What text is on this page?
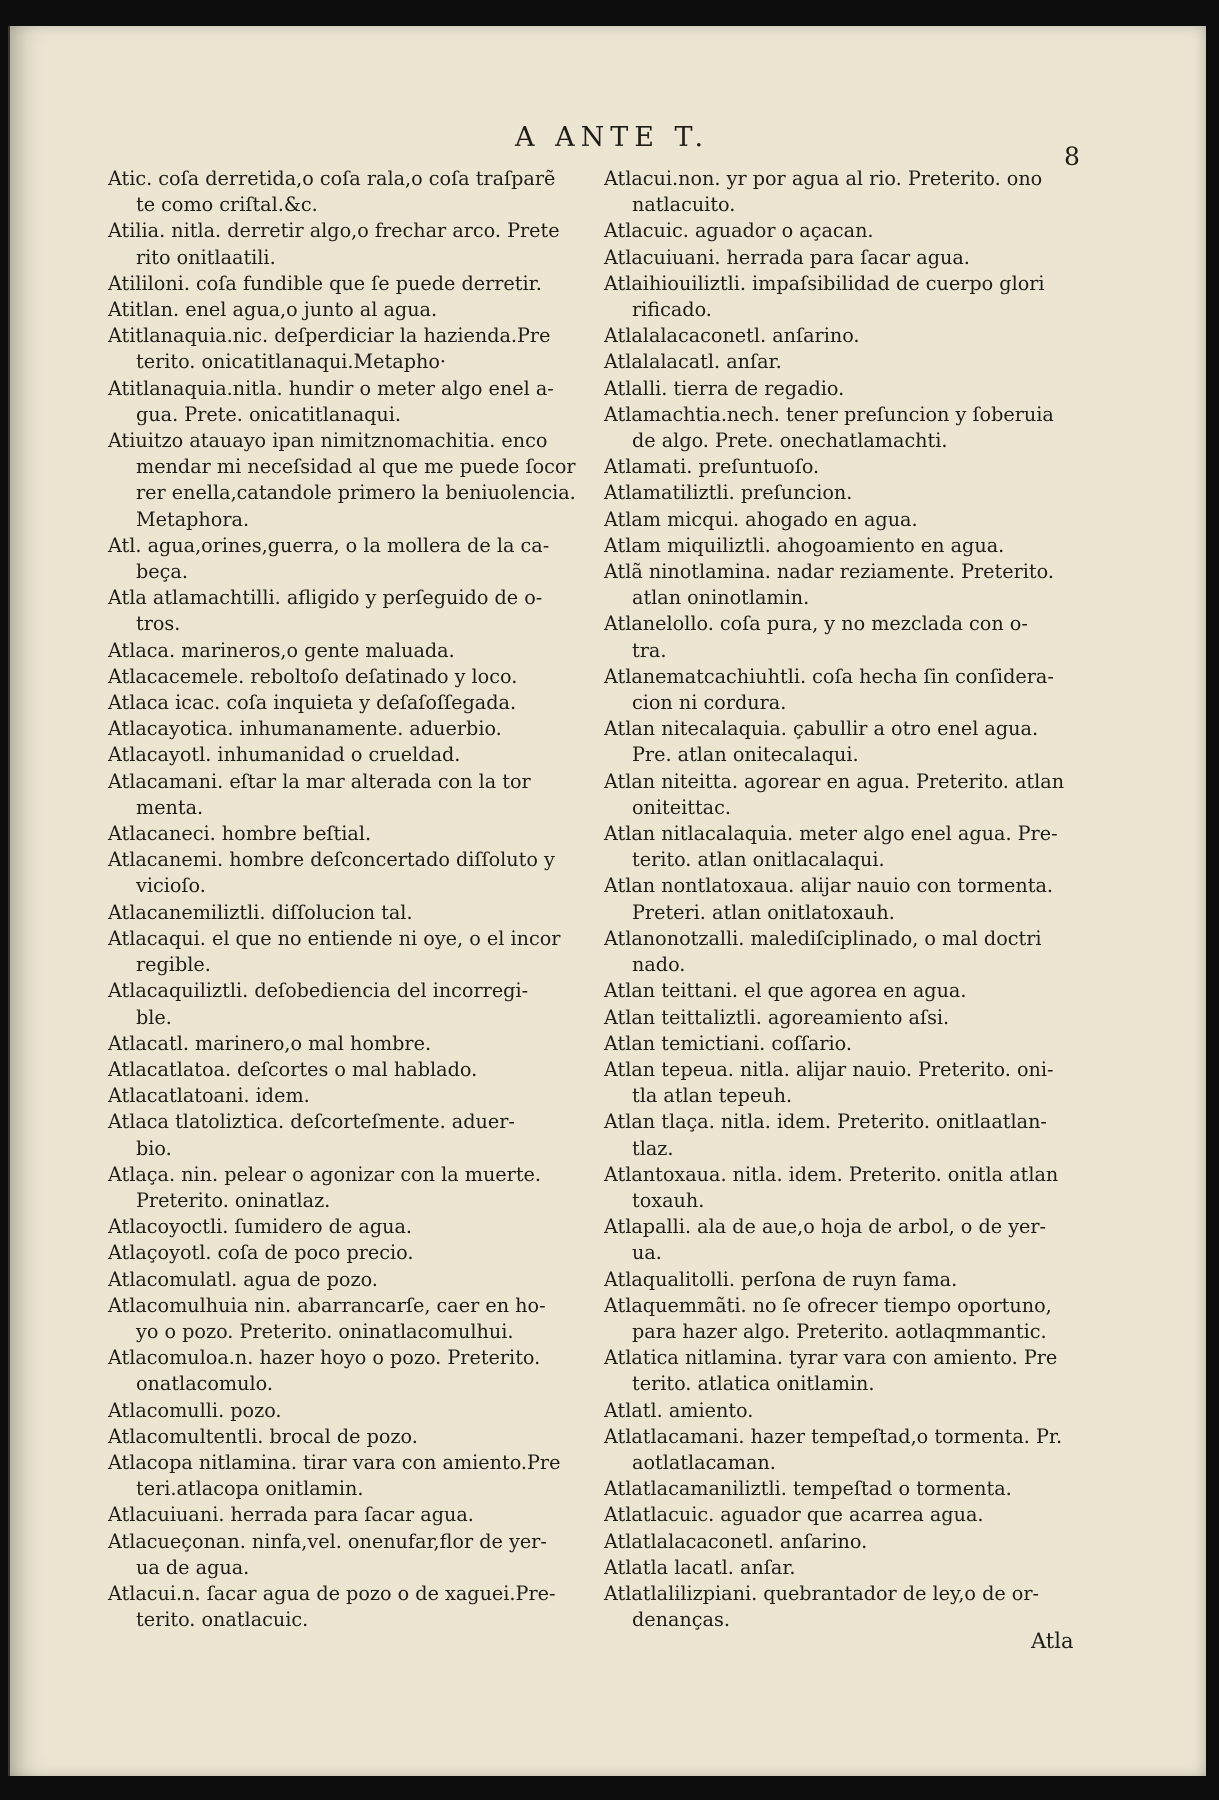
A ANTE T.
8

Atic. coſa derretida,o coſa rala,o coſa traſparẽ
te como criſtal.&c.

Atilia. nitla. derretir algo,o frechar arco. Prete
rito onitlaatili.

Atililoni. coſa fundible que ſe puede derretir.

Atitlan. enel agua,o junto al agua.

Atitlanaquia.nic. deſperdiciar la hazienda.Pre
terito. onicatitlanaqui.Metapho·

Atitlanaquia.nitla. hundir o meter algo enel a-
gua. Prete. onicatitlanaqui.

Atiuitzo atauayo ipan nimitznomachitia. enco
mendar mi neceſsidad al que me puede ſocor

rer enella,catandole primero la beniuolencia.

Metaphora.

Atl. agua,orines,guerra, o la mollera de la ca-
beça.

Atla atlamachtilli. afligido y perſeguido de o-
tros.

Atlaca. marineros,o gente maluada.

Atlacacemele. reboltoſo deſatinado y loco.

Atlaca icac. coſa inquieta y deſaſoſſegada.

Atlacayotica. inhumanamente. aduerbio.

Atlacayotl. inhumanidad o crueldad.

Atlacamani. eſtar la mar alterada con la tor
menta.

Atlacaneci. hombre beſtial.

Atlacanemi. hombre deſconcertado diſſoluto y
vicioſo.

Atlacanemiliztli. diſſolucion tal.

Atlacaqui. el que no entiende ni oye, o el incor
regible.

Atlacaquiliztli. deſobediencia del incorregi-
ble.

Atlacatl. marinero,o mal hombre.

Atlacatlatoa. deſcortes o mal hablado.

Atlacatlatoani. idem.

Atlaca tlatoliztica. deſcorteſmente. aduer-
bio.

Atlaça. nin. pelear o agonizar con la muerte.
Preterito. oninatlaz.

Atlacoyoctli. ſumidero de agua.

Atlaçoyotl. coſa de poco precio.

Atlacomulatl. agua de pozo.

Atlacomulhuia nin. abarrancarſe, caer en ho-
yo o pozo. Preterito. oninatlacomulhui.

Atlacomuloa.n. hazer hoyo o pozo. Preterito.
onatlacomulo.

Atlacomulli. pozo.

Atlacomultentli. brocal de pozo.

Atlacopa nitlamina. tirar vara con amiento.Pre
teri.atlacopa onitlamin.

Atlacuiuani. herrada para ſacar agua.

Atlacueçonan. ninfa,vel. onenufar,flor de yer-
ua de agua.

Atlacui.n. ſacar agua de pozo o de xaguei.Pre-
terito. onatlacuic.

Atlacui.non. yr por agua al rio. Preterito. ono
natlacuito.

Atlacuic. aguador o açacan.

Atlacuiuani. herrada para ſacar agua.

Atlaihiouiliztli. impaſsibilidad de cuerpo glori
rificado.

Atlalalacaconetl. anſarino.

Atlalalacatl. anſar.

Atlalli. tierra de regadio.

Atlamachtia.nech. tener preſuncion y ſoberuia
de algo. Prete. onechatlamachti.

Atlamati. preſuntuoſo.

Atlamatiliztli. preſuncion.

Atlam micqui. ahogado en agua.

Atlam miquiliztli. ahogoamiento en agua.

Atlã ninotlamina. nadar reziamente. Preterito.
atlan oninotlamin.

Atlanelollo. coſa pura, y no mezclada con o-
tra.

Atlanematcachiuhtli. coſa hecha ſin conſidera-
cion ni cordura.

Atlan nitecalaquia. çabullir a otro enel agua.
Pre. atlan onitecalaqui.

Atlan niteitta. agorear en agua. Preterito. atlan
oniteittac.

Atlan nitlacalaquia. meter algo enel agua. Pre-
terito. atlan onitlacalaqui.

Atlan nontlatoxaua. alijar nauio con tormenta.
Preteri. atlan onitlatoxauh.

Atlanonotzalli. malediſciplinado, o mal doctri
nado.

Atlan teittani. el que agorea en agua.

Atlan teittaliztli. agoreamiento aſsi.

Atlan temictiani. coſſario.

Atlan tepeua. nitla. alijar nauio. Preterito. oni-
tla atlan tepeuh.

Atlan tlaça. nitla. idem. Preterito. onitlaatlan-
tlaz.

Atlantoxaua. nitla. idem. Preterito. onitla atlan
toxauh.

Atlapalli. ala de aue,o hoja de arbol, o de yer-
ua.

Atlaqualitolli. perſona de ruyn fama.

Atlaquemmãti. no ſe ofrecer tiempo oportuno,
para hazer algo. Preterito. aotlaqmmantic.

Atlatica nitlamina. tyrar vara con amiento. Pre
terito. atlatica onitlamin.

Atlatl. amiento.

Atlatlacamani. hazer tempeſtad,o tormenta. Pr.
aotlatlacaman.

Atlatlacamaniliztli. tempeſtad o tormenta.

Atlatlacuic. aguador que acarrea agua.

Atlatlalacaconetl. anſarino.

Atlatla lacatl. anſar.

Atlatlalilizpiani. quebrantador de ley,o de or-
denanças.

Atla
